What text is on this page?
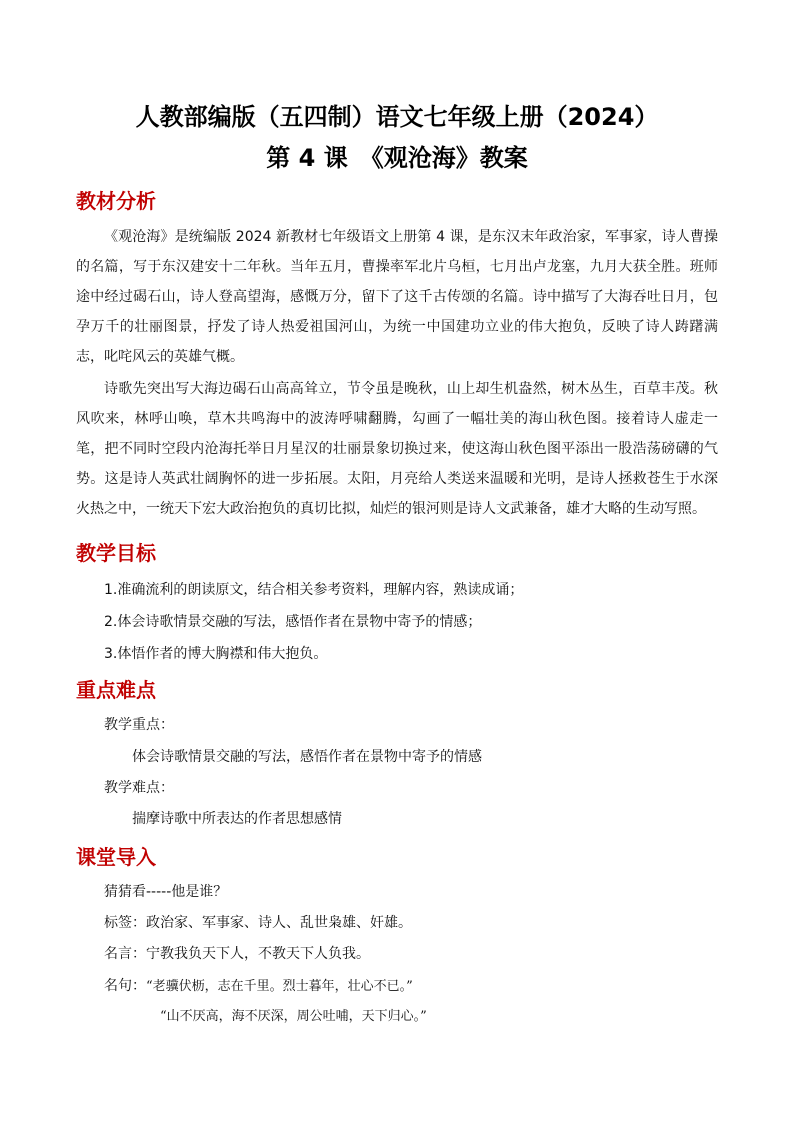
人教部编版（五四制）语文七年级上册（2024）
第 4 课　《观沧海》教案
教材分析

《观沧海》是统编版 2024 新教材七年级语文上册第 4 课，是东汉末年政治家，军事家，诗人曹操的名篇，写于东汉建安十二年秋。当年五月，曹操率军北片乌桓，七月出卢龙塞，九月大获全胜。班师途中经过碣石山，诗人登高望海，感慨万分，留下了这千古传颂的名篇。诗中描写了大海吞吐日月，包孕万千的壮丽图景，抒发了诗人热爱祖国河山，为统一中国建功立业的伟大抱负，反映了诗人踌躇满志，叱咤风云的英雄气概。

诗歌先突出写大海边碣石山高高耸立，节令虽是晚秋，山上却生机盎然，树木丛生，百草丰茂。秋风吹来，林呼山唤，草木共鸣海中的波涛呼啸翻腾，勾画了一幅壮美的海山秋色图。接着诗人虚走一笔，把不同时空段内沧海托举日月星汉的壮丽景象切换过来，使这海山秋色图平添出一股浩荡磅礴的气势。这是诗人英武壮阔胸怀的进一步拓展。太阳，月亮给人类送来温暖和光明，是诗人拯救苍生于水深火热之中，一统天下宏大政治抱负的真切比拟，灿烂的银河则是诗人文武兼备，雄才大略的生动写照。

教学目标
1.准确流利的朗读原文，结合相关参考资料，理解内容，熟读成诵；
2.体会诗歌情景交融的写法，感悟作者在景物中寄予的情感；
3.体悟作者的博大胸襟和伟大抱负。
重点难点
教学重点：
体会诗歌情景交融的写法，感悟作者在景物中寄予的情感
教学难点：
揣摩诗歌中所表达的作者思想感情
课堂导入
猜猜看-----他是谁？
标签：政治家、军事家、诗人、乱世枭雄、奸雄。
名言：宁教我负天下人，不教天下人负我。
名句：“老骥伏枥，志在千里。烈士暮年，壮心不已。”
“山不厌高，海不厌深，周公吐哺，天下归心。”
